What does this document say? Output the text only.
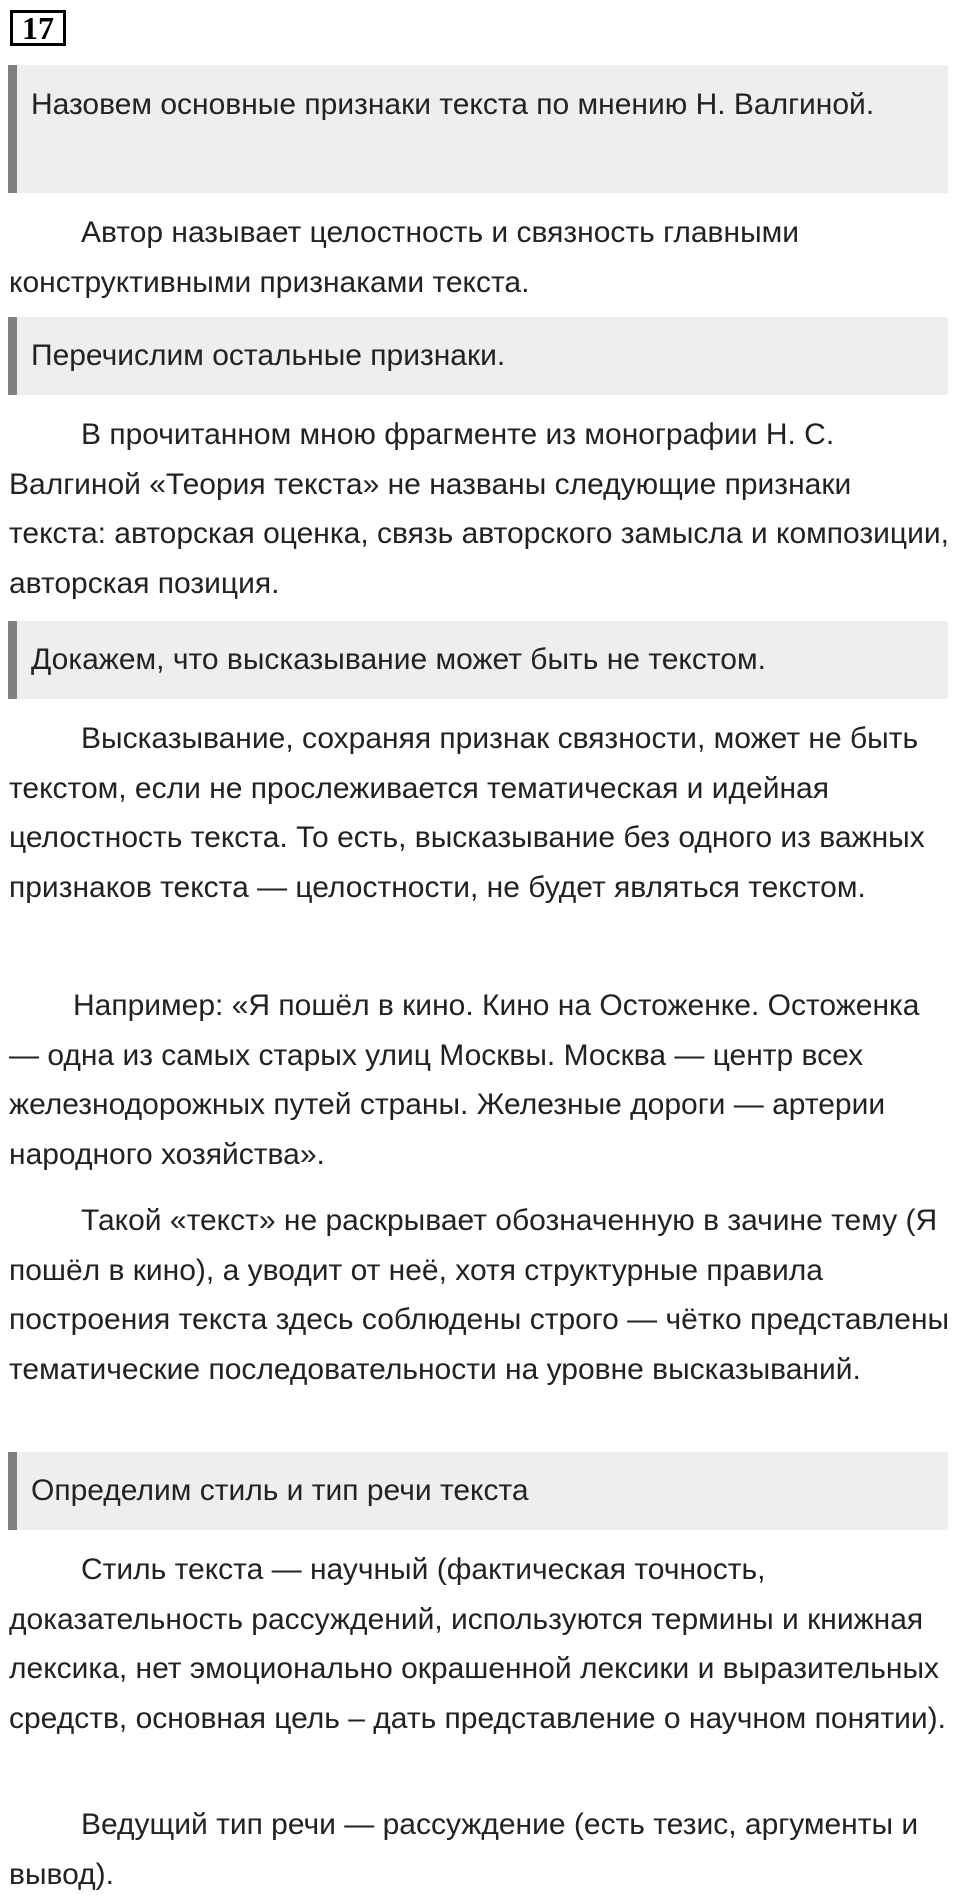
17
Назовем основные признаки текста по мнению Н. Валгиной.

Автор называет целостность и связность главными конструктивными признаками текста.

Перечислим остальные признаки.

В прочитанном мною фрагменте из монографии Н. С. Валгиной «Теория текста» не названы следующие признаки текста: авторская оценка, связь авторского замысла и композиции, авторская позиция.

Докажем, что высказывание может быть не текстом.

Высказывание, сохраняя признак связности, может не быть текстом, если не прослеживается тематическая и идейная целостность текста. То есть, высказывание без одного из важных признаков текста — целостности, не будет являться текстом.

Например: «Я пошёл в кино. Кино на Остоженке. Остоженка — одна из самых старых улиц Москвы. Москва — центр всех железнодорожных путей страны. Железные дороги — артерии народного хозяйства».

Такой «текст» не раскрывает обозначенную в зачине тему (Я пошёл в кино), а уводит от неё, хотя структурные правила построения текста здесь соблюдены строго — чётко представлены тематические последовательности на уровне высказываний.

Определим стиль и тип речи текста

Стиль текста — научный (фактическая точность, доказательность рассуждений, используются термины и книжная лексика, нет эмоционально окрашенной лексики и выразительных средств, основная цель – дать представление о научном понятии).

Ведущий тип речи — рассуждение (есть тезис, аргументы и вывод).
